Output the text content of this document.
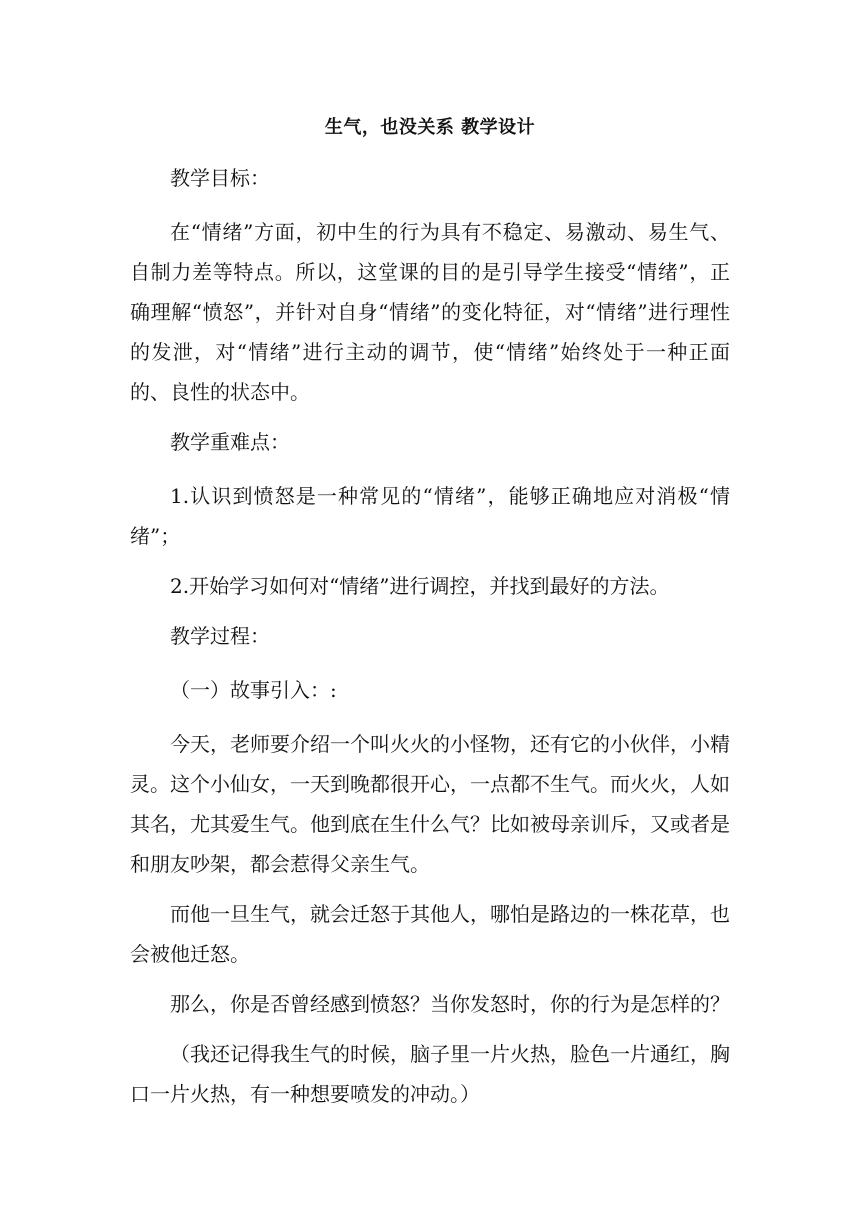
生气，也没关系 教学设计

教学目标：

在“情绪”方面，初中生的行为具有不稳定、易激动、易生气、自制力差等特点。所以，这堂课的目的是引导学生接受“情绪”，正确理解“愤怒”，并针对自身“情绪”的变化特征，对“情绪”进行理性的发泄，对“情绪”进行主动的调节，使“情绪”始终处于一种正面的、良性的状态中。

教学重难点：

1.认识到愤怒是一种常见的“情绪”，能够正确地应对消极“情绪”；

2.开始学习如何对“情绪”进行调控，并找到最好的方法。

教学过程：

（一）故事引入：:

今天，老师要介绍一个叫火火的小怪物，还有它的小伙伴，小精灵。这个小仙女，一天到晚都很开心，一点都不生气。而火火，人如其名，尤其爱生气。他到底在生什么气？比如被母亲训斥，又或者是和朋友吵架，都会惹得父亲生气。

而他一旦生气，就会迁怒于其他人，哪怕是路边的一株花草，也会被他迁怒。

那么，你是否曾经感到愤怒？当你发怒时，你的行为是怎样的？

（我还记得我生气的时候，脑子里一片火热，脸色一片通红，胸口一片火热，有一种想要喷发的冲动。）
